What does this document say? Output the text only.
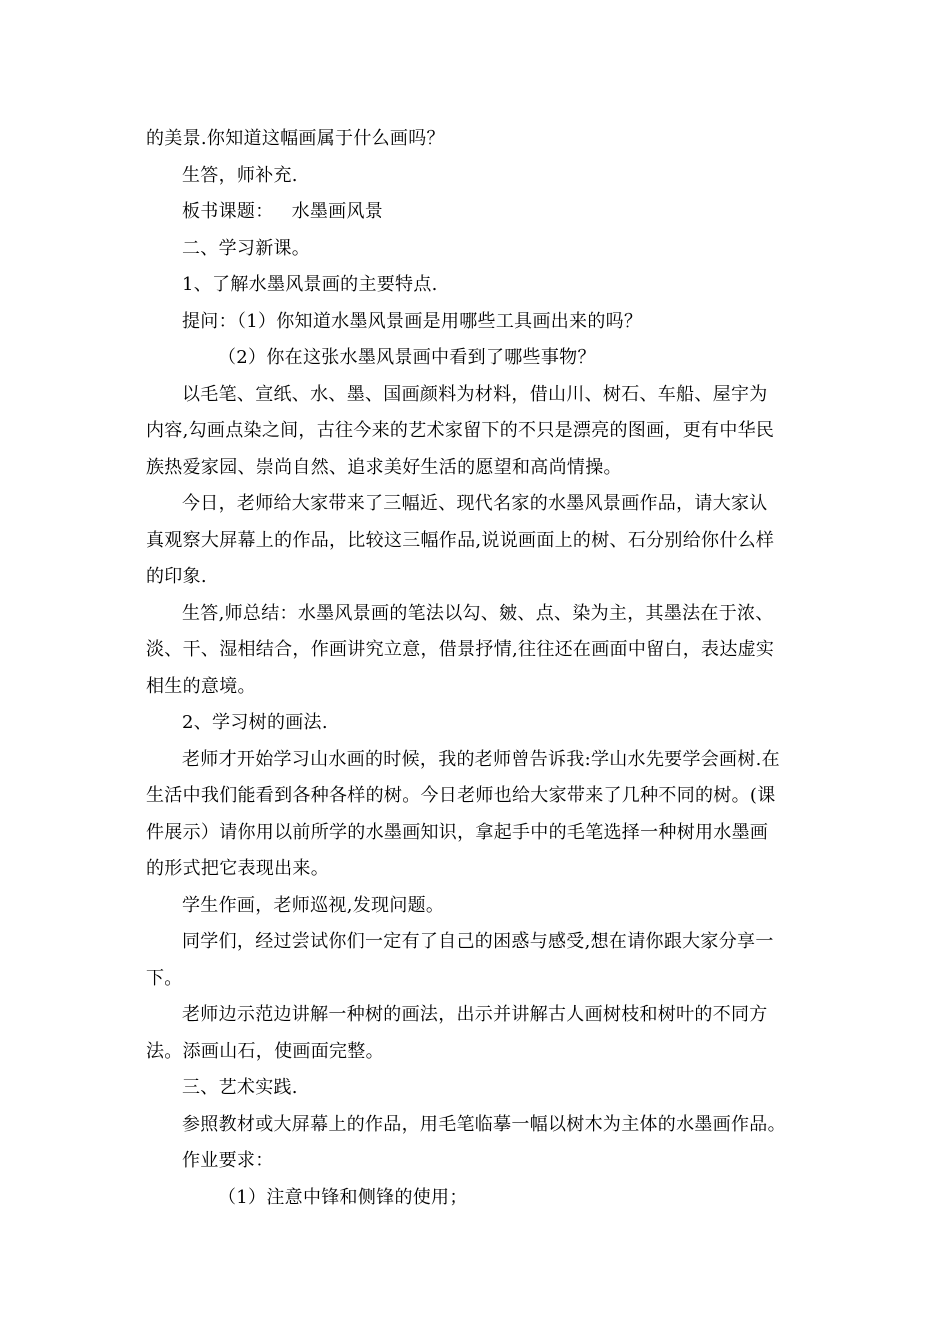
的美景.你知道这幅画属于什么画吗？
生答，师补充.
板书课题：   水墨画风景
二、学习新课。
1、了解水墨风景画的主要特点.
提问：（1）你知道水墨风景画是用哪些工具画出来的吗？
（2）你在这张水墨风景画中看到了哪些事物？
以毛笔、宣纸、水、墨、国画颜料为材料，借山川、树石、车船、屋宇为
内容,勾画点染之间，古往今来的艺术家留下的不只是漂亮的图画，更有中华民
族热爱家园、崇尚自然、追求美好生活的愿望和高尚情操。
今日，老师给大家带来了三幅近、现代名家的水墨风景画作品，请大家认
真观察大屏幕上的作品，比较这三幅作品,说说画面上的树、石分别给你什么样
的印象.
生答,师总结：水墨风景画的笔法以勾、皴、点、染为主，其墨法在于浓、
淡、干、湿相结合，作画讲究立意，借景抒情,往往还在画面中留白，表达虚实
相生的意境。
2、学习树的画法.
老师才开始学习山水画的时候，我的老师曾告诉我:学山水先要学会画树.在
生活中我们能看到各种各样的树。今日老师也给大家带来了几种不同的树。(课
件展示）请你用以前所学的水墨画知识，拿起手中的毛笔选择一种树用水墨画
的形式把它表现出来。
学生作画，老师巡视,发现问题。
同学们，经过尝试你们一定有了自己的困惑与感受,想在请你跟大家分享一
下。
老师边示范边讲解一种树的画法，出示并讲解古人画树枝和树叶的不同方
法。添画山石，使画面完整。
三、艺术实践.
参照教材或大屏幕上的作品，用毛笔临摹一幅以树木为主体的水墨画作品。
作业要求：
（1）注意中锋和侧锋的使用；
